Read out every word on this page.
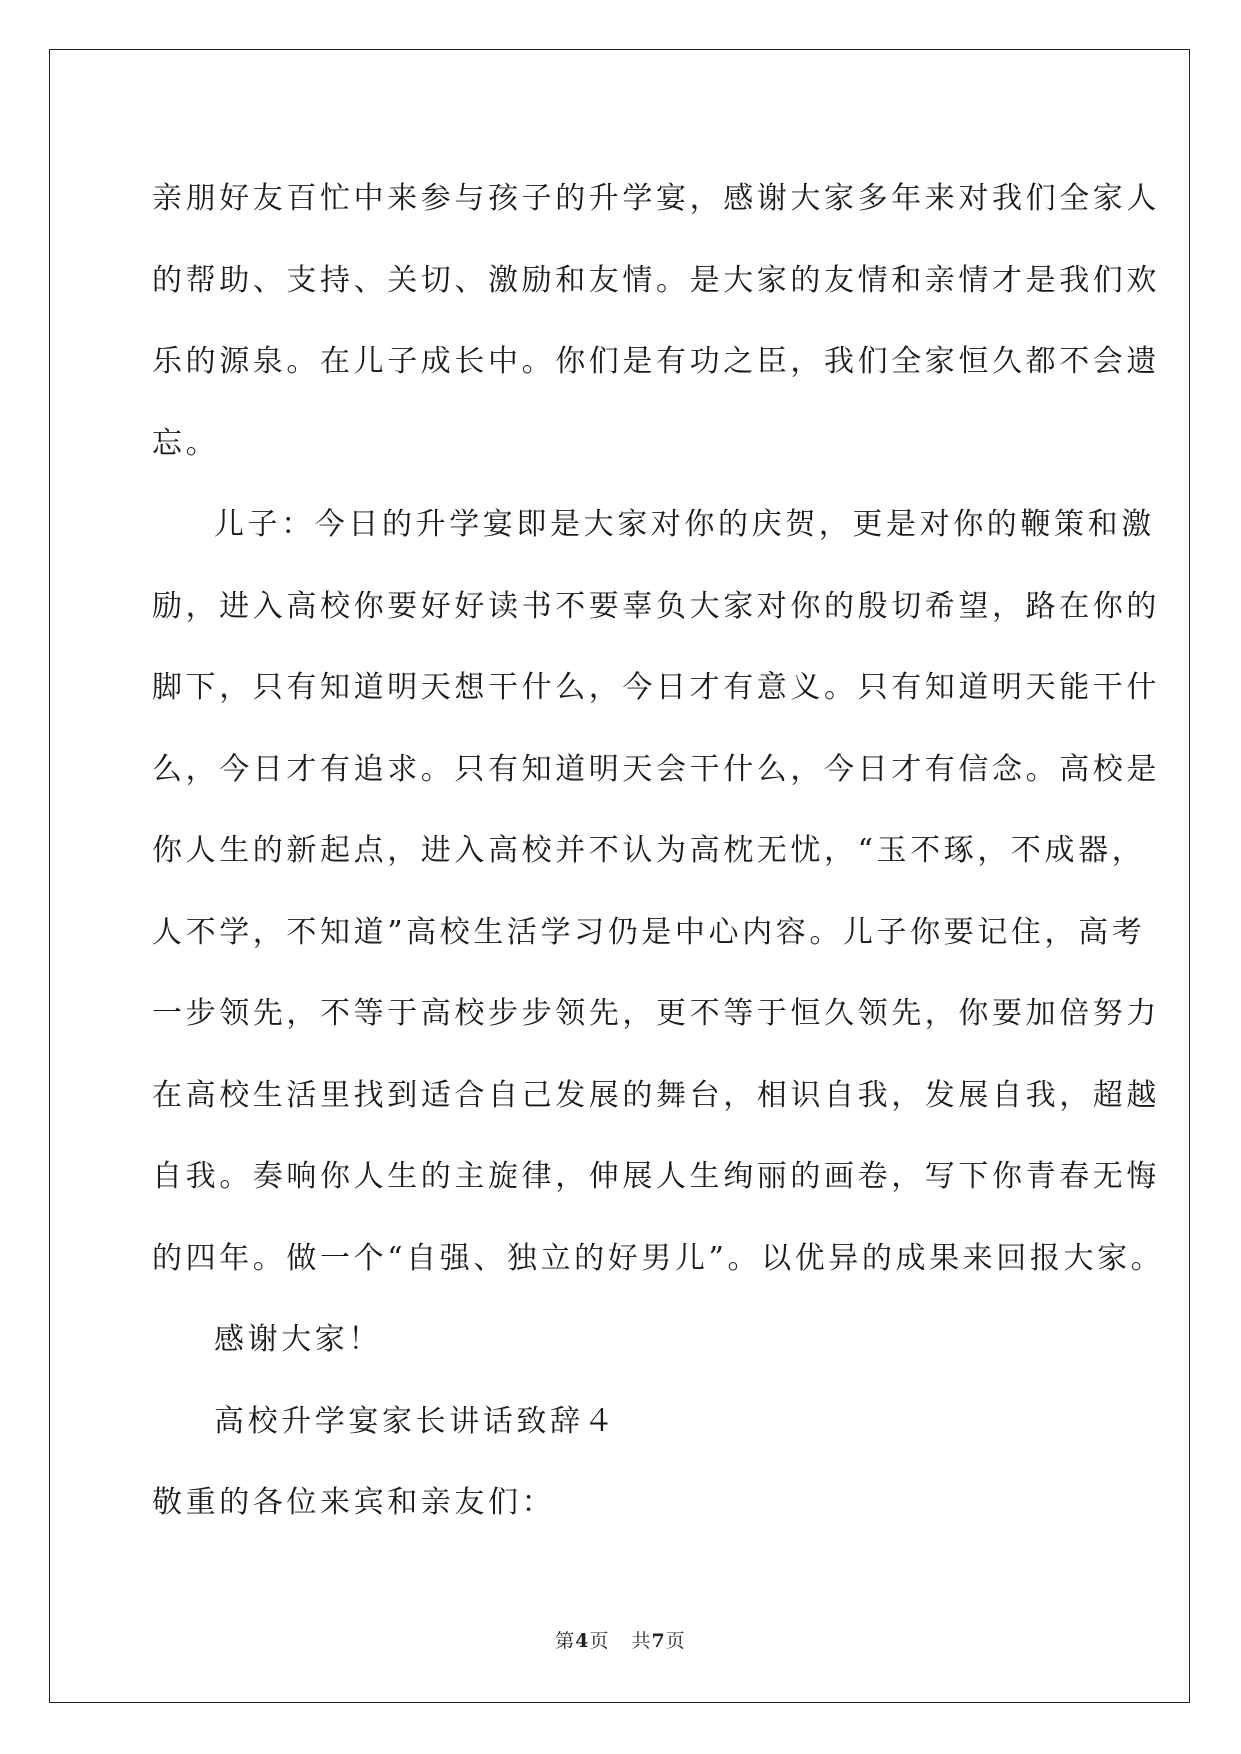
亲朋好友百忙中来参与孩子的升学宴，感谢大家多年来对我们全家人
的帮助、支持、关切、激励和友情。是大家的友情和亲情才是我们欢
乐的源泉。在儿子成长中。你们是有功之臣，我们全家恒久都不会遗
忘。

儿子：今日的升学宴即是大家对你的庆贺，更是对你的鞭策和激
励，进入高校你要好好读书不要辜负大家对你的殷切希望，路在你的
脚下，只有知道明天想干什么，今日才有意义。只有知道明天能干什
么，今日才有追求。只有知道明天会干什么，今日才有信念。高校是
你人生的新起点，进入高校并不认为高枕无忧，“玉不琢，不成器，
人不学，不知道”高校生活学习仍是中心内容。儿子你要记住，高考
一步领先，不等于高校步步领先，更不等于恒久领先，你要加倍努力
在高校生活里找到适合自己发展的舞台，相识自我，发展自我，超越
自我。奏响你人生的主旋律，伸展人生绚丽的画卷，写下你青春无悔
的四年。做一个“自强、独立的好男儿”。以优异的成果来回报大家。

感谢大家！

高校升学宴家长讲话致辞４

敬重的各位来宾和亲友们：

第4页 共7页
